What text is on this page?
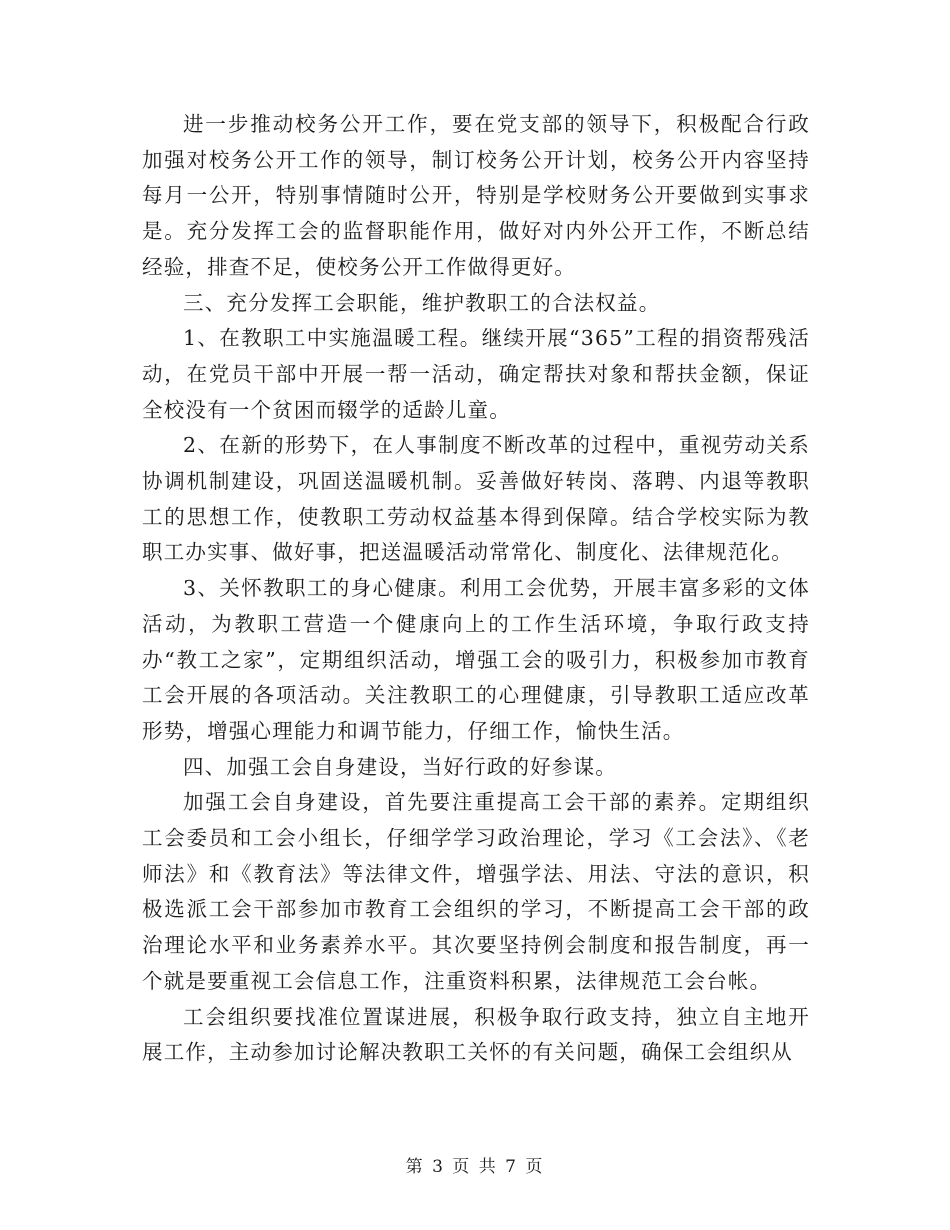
进一步推动校务公开工作，要在党支部的领导下，积极配合行政加强对校务公开工作的领导，制订校务公开计划，校务公开内容坚持每月一公开，特别事情随时公开，特别是学校财务公开要做到实事求是。充分发挥工会的监督职能作用，做好对内外公开工作，不断总结经验，排查不足，使校务公开工作做得更好。

三、充分发挥工会职能，维护教职工的合法权益。

1、在教职工中实施温暖工程。继续开展“365”工程的捐资帮残活动，在党员干部中开展一帮一活动，确定帮扶对象和帮扶金额，保证全校没有一个贫困而辍学的适龄儿童。

2、在新的形势下，在人事制度不断改革的过程中，重视劳动关系协调机制建设，巩固送温暖机制。妥善做好转岗、落聘、内退等教职工的思想工作，使教职工劳动权益基本得到保障。结合学校实际为教职工办实事、做好事，把送温暖活动常常化、制度化、法律规范化。

3、关怀教职工的身心健康。利用工会优势，开展丰富多彩的文体活动，为教职工营造一个健康向上的工作生活环境，争取行政支持办“教工之家”，定期组织活动，增强工会的吸引力，积极参加市教育工会开展的各项活动。关注教职工的心理健康，引导教职工适应改革形势，增强心理能力和调节能力，仔细工作，愉快生活。

四、加强工会自身建设，当好行政的好参谋。

加强工会自身建设，首先要注重提高工会干部的素养。定期组织工会委员和工会小组长，仔细学学习政治理论，学习《工会法》、《老师法》和《教育法》等法律文件，增强学法、用法、守法的意识，积极选派工会干部参加市教育工会组织的学习，不断提高工会干部的政治理论水平和业务素养水平。其次要坚持例会制度和报告制度，再一个就是要重视工会信息工作，注重资料积累，法律规范工会台帐。

工会组织要找准位置谋进展，积极争取行政支持，独立自主地开展工作，主动参加讨论解决教职工关怀的有关问题，确保工会组织从

第 3 页 共 7 页
